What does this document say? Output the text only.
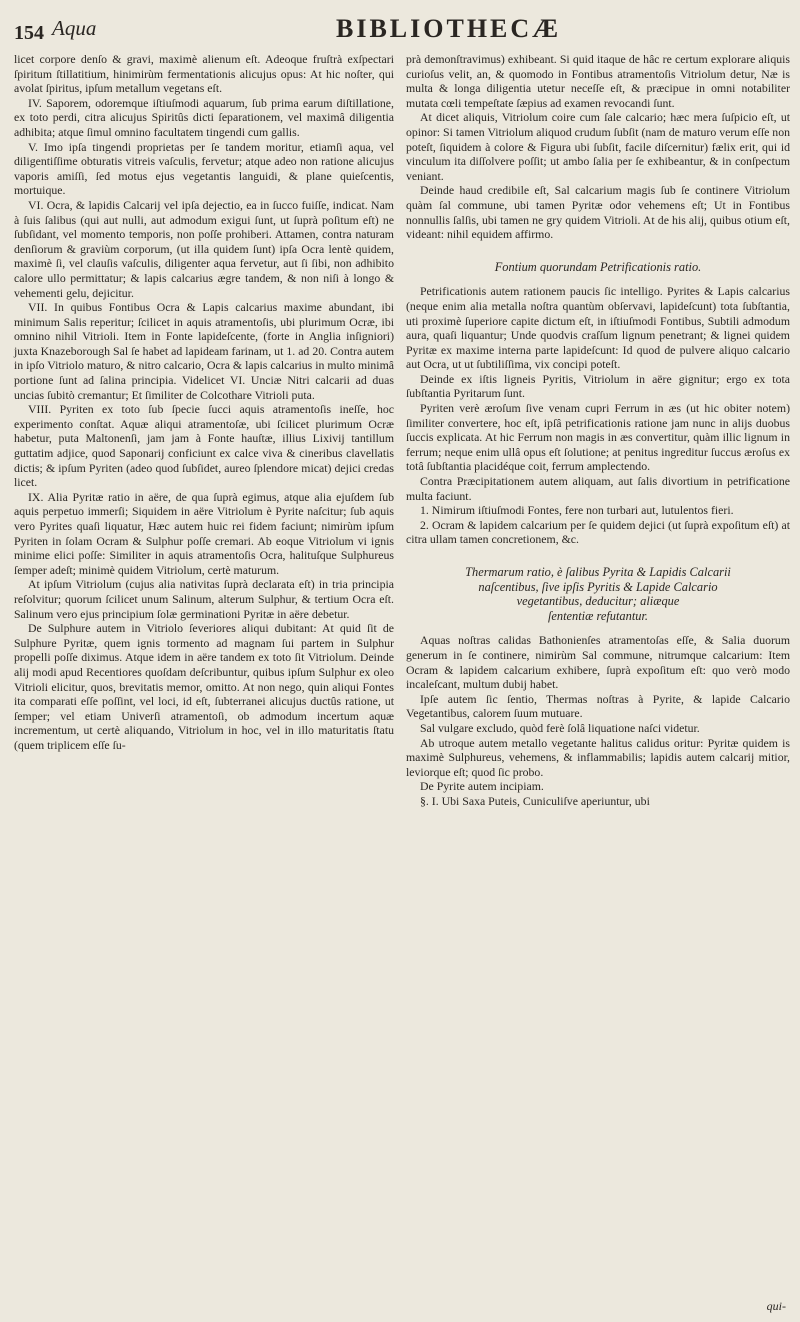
154 Aqua	BIBLIOTHECÆ

licet corpore denſo & gravi, maximè alienum eſt. Adeoque fruſtrà exſpectari ſpiritum ſtillatitium, hinimirùm fermentationis alicujus opus: At hic noſter, qui avolat ſpiritus, ipſum metallum vegetans eſt.

IV. Saporem, odoremque iſtiuſmodi aquarum, ſub prima earum diſtillatione, ex toto perdi, citra alicujus Spiritûs dicti ſeparationem, vel maximâ diligentia adhibita; atque ſimul omnino facultatem tingendi cum gallis.

V. Imo ipſa tingendi proprietas per ſe tandem moritur, etiamſi aqua, vel diligentiſſime obturatis vitreis vaſculis, fervetur; atque adeo non ratione alicujus vaporis amiſſi, ſed motus ejus vegetantis languidi, & plane quieſcentis, mortuique.

VI. Ocra, & lapidis Calcarij vel ipſa dejectio, ea in ſucco fuiſſe, indicat. Nam à ſuis ſalibus (qui aut nulli, aut admodum exigui ſunt, ut ſuprà poſitum eſt) ne ſubſidant, vel momento temporis, non poſſe prohiberi. Attamen, contra naturam denſiorum & graviùm corporum, (ut illa quidem ſunt) ipſa Ocra lentè quidem, maximè ſi, vel clauſis vaſculis, diligenter aqua fervetur, aut ſi ſibi, non adhibito calore ullo permittatur; & lapis calcarius ægre tandem, & non niſi à longo & vehementi gelu, dejicitur.

VII. In quibus Fontibus Ocra & Lapis calcarius maxime abundant, ibi minimum Salis reperitur; ſcilicet in aquis atramentoſis, ubi plurimum Ocræ, ibi omnino nihil Vitrioli. Item in Fonte lapideſcente, (forte in Anglia inſigniori) juxta Knazeborough Sal ſe habet ad lapideam farinam, ut 1. ad 20. Contra autem in ipſo Vitriolo maturo, & nitro calcario, Ocra & lapis calcarius in multo minimâ portione ſunt ad ſalina principia. Videlicet VI. Unciæ Nitri calcarii ad duas uncias ſubitò cremantur; Et ſimiliter de Colcothare Vitrioli puta.

VIII. Pyriten ex toto ſub ſpecie ſucci aquis atramentoſis ineſſe, hoc experimento conſtat. Aquæ aliqui atramentoſæ, ubi ſcilicet plurimum Ocræ habetur, puta Maltonenſi, jam jam à Fonte hauſtæ, illius Lixivij tantillum guttatim adjice, quod Saponarij conficiunt ex calce viva & cineribus clavellatis dictis; & ipſum Pyriten (adeo quod ſubſidet, aureo ſplendore micat) dejici credas licet.

IX. Alia Pyritæ ratio in aëre, de qua ſuprà egimus, atque alia ejuſdem ſub aquis perpetuo immerſi; Siquidem in aëre Vitriolum è Pyrite naſcitur; ſub aquis vero Pyrites quaſi liquatur, Hæc autem huic rei fidem faciunt; nimirùm ipſum Pyriten in ſolam Ocram & Sulphur poſſe cremari. Ab eoque Vitriolum vi ignis minime elici poſſe: Similiter in aquis atramentoſis Ocra, halituſque Sulphureus ſemper adeſt; minimè quidem Vitriolum, certè maturum.

At ipſum Vitriolum (cujus alia nativitas ſuprà declarata eſt) in tria principia reſolvitur; quorum ſcilicet unum Salinum, alterum Sulphur, & tertium Ocra eſt. Salinum vero ejus principium ſolæ germinationi Pyritæ in aëre debetur.

De Sulphure autem in Vitriolo ſeveriores aliqui dubitant: At quid ſit de Sulphure Pyritæ, quem ignis tormento ad magnam ſui partem in Sulphur propelli poſſe diximus. Atque idem in aëre tandem ex toto ſit Vitriolum. Deinde alij modi apud Recentiores quoſdam deſcribuntur, quibus ipſum Sulphur ex oleo Vitrioli elicitur, quos, brevitatis memor, omitto. At non nego, quin aliqui Fontes ita comparati eſſe poſſint, vel loci, id eſt, ſubterranei alicujus ductûs ratione, ut ſemper; vel etiam Univerſi atramentoſi, ob admodum incertum aquæ incrementum, ut certè aliquando, Vitriolum in hoc, vel in illo maturitatis ſtatu (quem triplicem eſſe ſu-

prà demonſtravimus) exhibeant. Si quid itaque de hâc re certum explorare aliquis curioſus velit, an, & quomodo in Fontibus atramentoſis Vitriolum detur, Næ is multa & longa diligentia utetur neceſſe eſt, & præcipue in omni notabiliter mutata cœli tempeſtate ſæpius ad examen revocandi ſunt.

At dicet aliquis, Vitriolum coire cum ſale calcario; hæc mera ſuſpicio eſt, ut opinor: Si tamen Vitriolum aliquod crudum ſubſit (nam de maturo verum eſſe non poteſt, ſiquidem à colore & Figura ubi ſubſit, facile diſcernitur) fælix erit, qui id vinculum ita diſſolvere poſſit; ut ambo ſalia per ſe exhibeantur, & in conſpectum veniant.

Deinde haud credibile eſt, Sal calcarium magis ſub ſe continere Vitriolum quàm ſal commune, ubi tamen Pyritæ odor vehemens eſt; Ut in Fontibus nonnullis ſalſis, ubi tamen ne gry quidem Vitrioli. At de his alij, quibus otium eſt, videant: nihil equidem affirmo.

Fontium quorundam Petrificationis ratio.

Petrificationis autem rationem paucis ſic intelligo. Pyrites & Lapis calcarius (neque enim alia metalla noſtra quantùm obſervavi, lapideſcunt) tota ſubſtantia, uti proximè ſuperiore capite dictum eſt, in iſtiuſmodi Fontibus, Subtili admodum aura, quaſi liquantur; Unde quodvis craſſum lignum penetrant; & lignei quidem Pyritæ ex maxime interna parte lapideſcunt: Id quod de pulvere aliquo calcario aut Ocra, ut ut ſubtiliſſima, vix concipi poteſt.

Deinde ex iſtis ligneis Pyritis, Vitriolum in aëre gignitur; ergo ex tota ſubſtantia Pyritarum ſunt.

Pyriten verè æroſum ſive venam cupri Ferrum in æs (ut hic obiter notem) ſimiliter convertere, hoc eſt, ipſâ petrificationis ratione jam nunc in alijs duobus ſuccis explicata. At hic Ferrum non magis in æs convertitur, quàm illic lignum in ferrum; neque enim ullâ opus eſt ſolutione; at penitus ingreditur ſuccus æroſus ex totâ ſubſtantia placidéque coit, ferrum amplectendo.

Contra Præcipitationem autem aliquam, aut ſalis divortium in petrificatione multa faciunt.

1. Nimirum iſtiuſmodi Fontes, fere non turbari aut, lutulentos fieri.

2. Ocram & lapidem calcarium per ſe quidem dejici (ut ſuprà expoſitum eſt) at citra ullam tamen concretionem, &c.

Thermarum ratio, è ſalibus Pyrita & Lapidis Calcarii
naſcentibus, ſive ipſis Pyritis & Lapide Calcario
vegetantibus, deducitur; aliæque
ſententiæ refutantur.

Aquas noſtras calidas Bathonienſes atramentoſas eſſe, & Salia duorum generum in ſe continere, nimirùm Sal commune, nitrumque calcarium: Item Ocram & lapidem calcarium exhibere, ſuprà expoſitum eſt: quo verò modo incaleſcant, multum dubij habet.

Ipſe autem ſic ſentio, Thermas noſtras à Pyrite, & lapide Calcario Vegetantibus, calorem ſuum mutuare.

Sal vulgare excludo, quòd ferè ſolâ liquatione naſci videtur.

Ab utroque autem metallo vegetante halitus calidus oritur: Pyritæ quidem is maximè Sulphureus, vehemens, & inflammabilis; lapidis autem calcarij mitior, leviorque eſt; quod ſic probo.

De Pyrite autem incipiam.

§. I. Ubi Saxa Puteis, Cuniculiſve aperiuntur, ubi

qui-
